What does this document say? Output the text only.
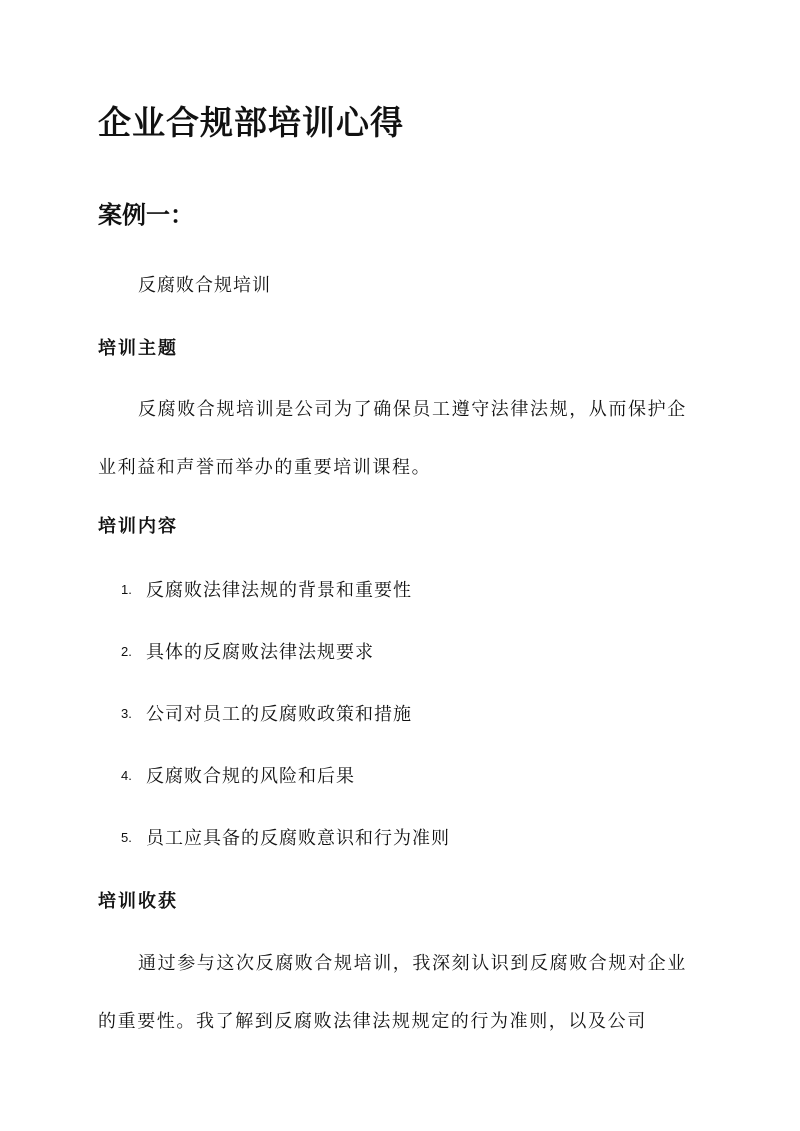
企业合规部培训心得
案例一：
反腐败合规培训
培训主题

反腐败合规培训是公司为了确保员工遵守法律法规，从而保护企业利益和声誉而举办的重要培训课程。

培训内容
1. 反腐败法律法规的背景和重要性
2. 具体的反腐败法律法规要求
3. 公司对员工的反腐败政策和措施
4. 反腐败合规的风险和后果
5. 员工应具备的反腐败意识和行为准则
培训收获

通过参与这次反腐败合规培训，我深刻认识到反腐败合规对企业的重要性。我了解到反腐败法律法规规定的行为准则，以及公司
